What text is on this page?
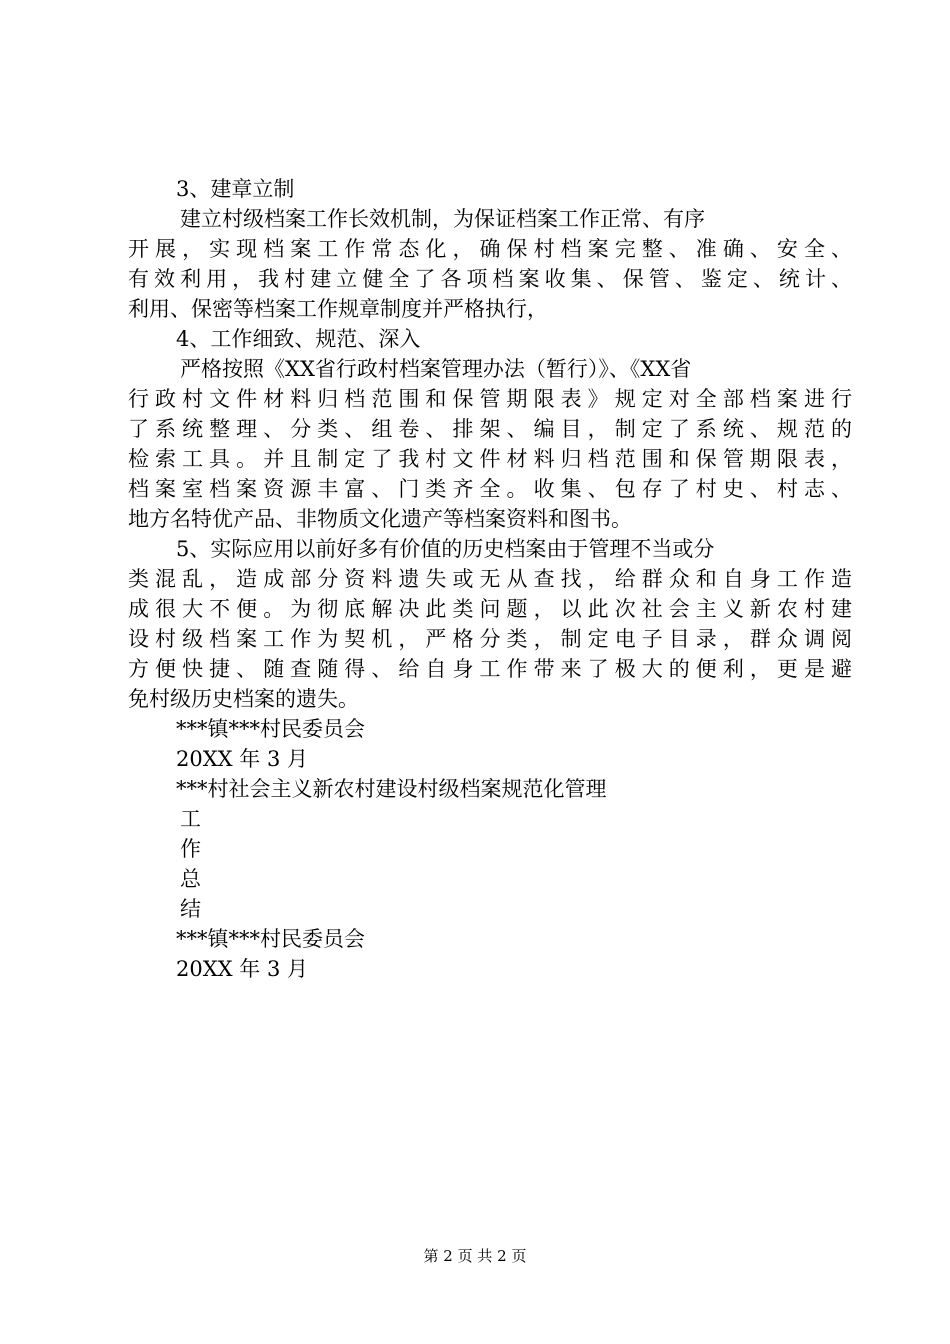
3、建章立制
建立村级档案工作长效机制，为保证档案工作正常、有序
开展，实现档案工作常态化，确保村档案完整、准确、安全、
有效利用，我村建立健全了各项档案收集、保管、鉴定、统计、
利用、保密等档案工作规章制度并严格执行，
4、工作细致、规范、深入
严格按照《XX省行政村档案管理办法（暂行）》、《XX省
行政村文件材料归档范围和保管期限表》规定对全部档案进行
了系统整理、分类、组卷、排架、编目，制定了系统、规范的
检索工具。并且制定了我村文件材料归档范围和保管期限表，
档案室档案资源丰富、门类齐全。收集、包存了村史、村志、
地方名特优产品、非物质文化遗产等档案资料和图书。
5、实际应用以前好多有价值的历史档案由于管理不当或分
类混乱，造成部分资料遗失或无从查找，给群众和自身工作造
成很大不便。为彻底解决此类问题，以此次社会主义新农村建
设村级档案工作为契机，严格分类，制定电子目录，群众调阅
方便快捷、随查随得、给自身工作带来了极大的便利，更是避
免村级历史档案的遗失。
***镇***村民委员会
20XX 年 3 月
***村社会主义新农村建设村级档案规范化管理
工
作
总
结
***镇***村民委员会
20XX 年 3 月
第 2 页 共 2 页
